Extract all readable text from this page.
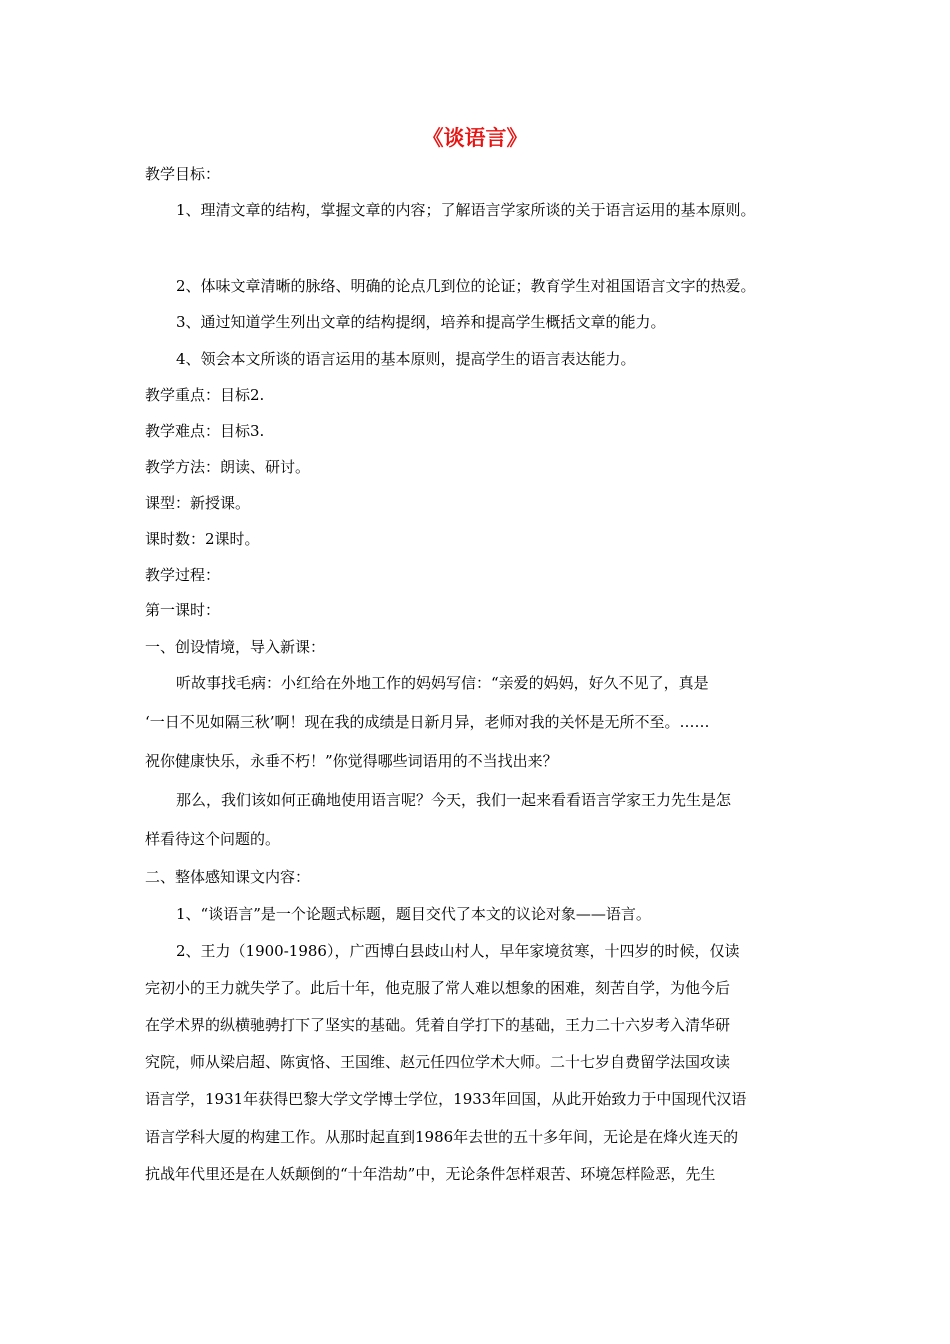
《谈语言》
教学目标：
1、理清文章的结构，掌握文章的内容；了解语言学家所谈的关于语言运用的基本原则。
2、体味文章清晰的脉络、明确的论点几到位的论证；教育学生对祖国语言文字的热爱。
3、通过知道学生列出文章的结构提纲，培养和提高学生概括文章的能力。
4、领会本文所谈的语言运用的基本原则，提高学生的语言表达能力。
教学重点：目标2.
教学难点：目标3.
教学方法：朗读、研讨。
课型：新授课。
课时数：2课时。
教学过程：
第一课时：
一、创设情境，导入新课：
听故事找毛病：小红给在外地工作的妈妈写信：“亲爱的妈妈，好久不见了，真是
‘一日不见如隔三秋’啊！现在我的成绩是日新月异，老师对我的关怀是无所不至。……
祝你健康快乐，永垂不朽！”你觉得哪些词语用的不当找出来？
那么，我们该如何正确地使用语言呢？今天，我们一起来看看语言学家王力先生是怎
样看待这个问题的。
二、整体感知课文内容：
1、“谈语言”是一个论题式标题，题目交代了本文的议论对象——语言。
2、王力（1900-1986），广西博白县歧山村人，早年家境贫寒，十四岁的时候，仅读
完初小的王力就失学了。此后十年，他克服了常人难以想象的困难，刻苦自学，为他今后
在学术界的纵横驰骋打下了坚实的基础。凭着自学打下的基础，王力二十六岁考入清华研
究院，师从梁启超、陈寅恪、王国维、赵元任四位学术大师。二十七岁自费留学法国攻读
语言学，1931年获得巴黎大学文学博士学位，1933年回国，从此开始致力于中国现代汉语
语言学科大厦的构建工作。从那时起直到1986年去世的五十多年间，无论是在烽火连天的
抗战年代里还是在人妖颠倒的“十年浩劫”中，无论条件怎样艰苦、环境怎样险恶，先生
